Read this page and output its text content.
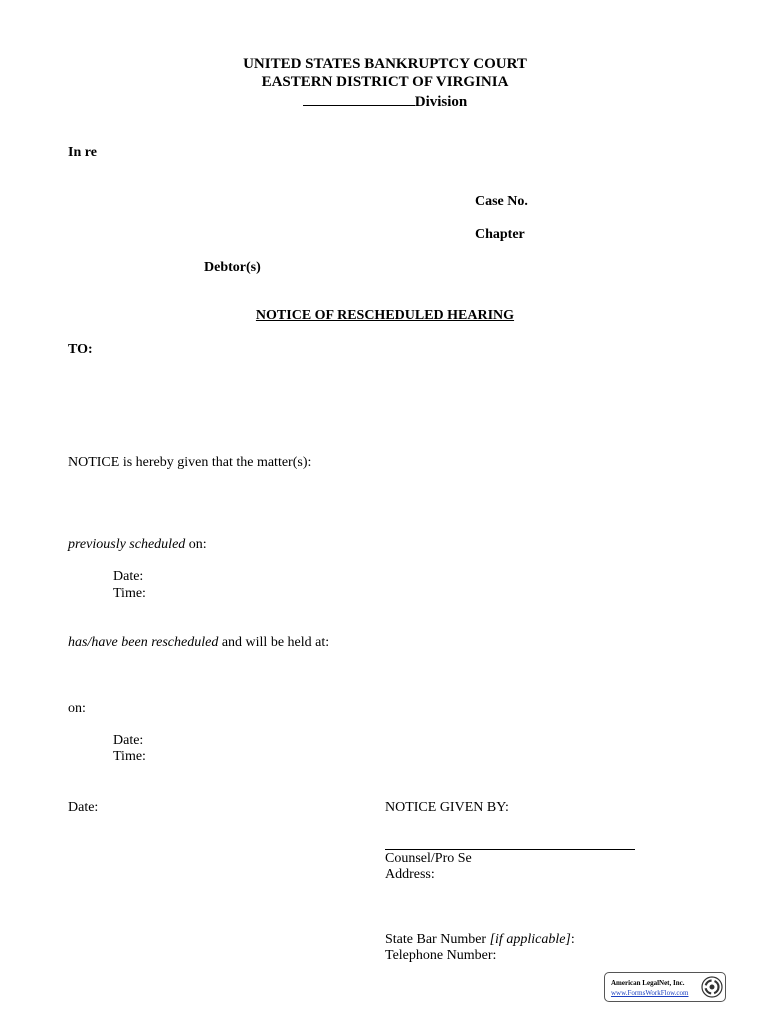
UNITED STATES BANKRUPTCY COURT
EASTERN DISTRICT OF VIRGINIA
Division
In re
Case No.
Chapter
Debtor(s)
NOTICE OF RESCHEDULED HEARING
TO:
NOTICE is hereby given that the matter(s):
previously scheduled on:
Date:
Time:
has/have been rescheduled and will be held at:
on:
Date:
Time:
Date:	NOTICE GIVEN BY:
Counsel/Pro Se
Address:
State Bar Number [if applicable]:
Telephone Number:
American LegalNet, Inc.
www.FormsWorkFlow.com
